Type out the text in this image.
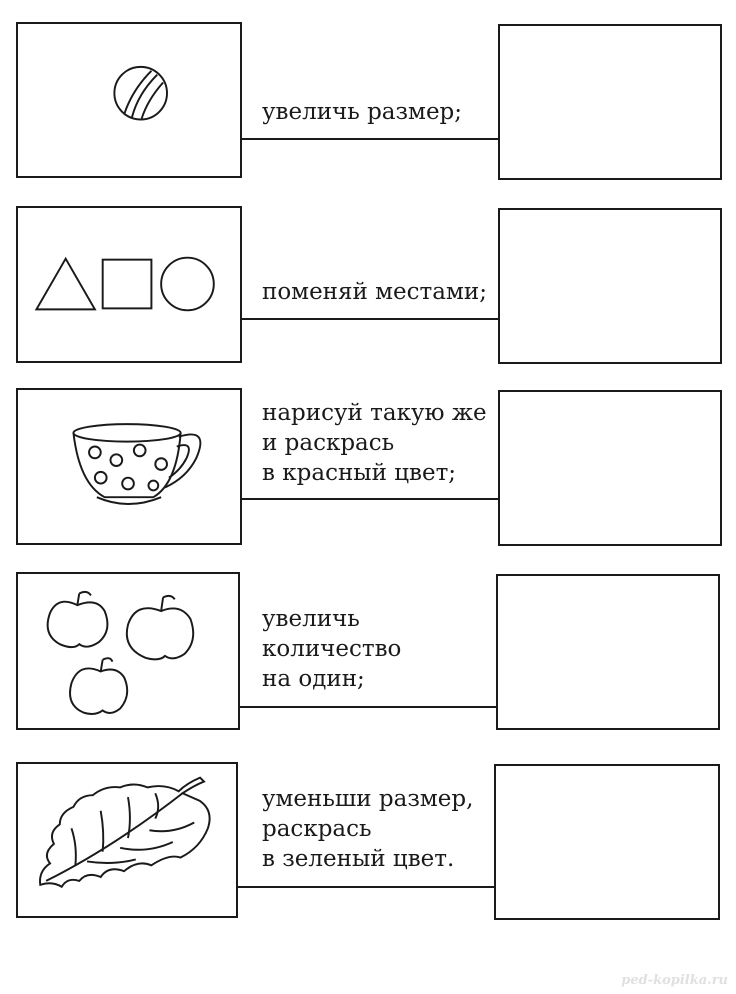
увеличь размер;
поменяй местами;
нарисуй такую же
и раскрась
в красный цвет;
увеличь
количество
на один;
уменьши размер,
раскрась
в зеленый цвет.
ped-kopilka.ru
